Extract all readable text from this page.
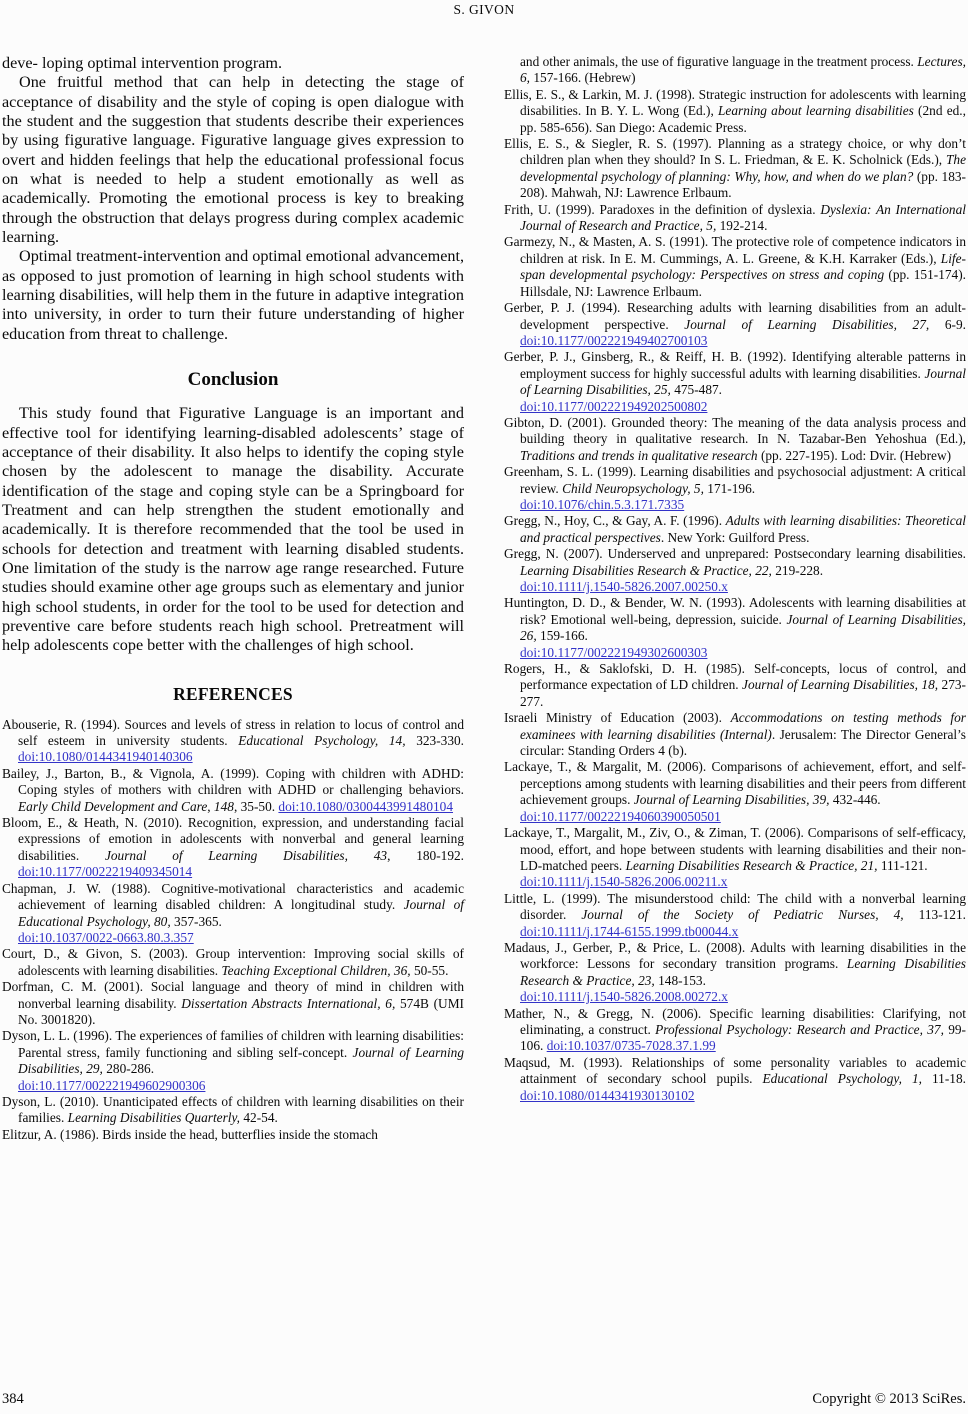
S. GIVON

deve- loping optimal intervention program.

One fruitful method that can help in detecting the stage of acceptance of disability and the style of coping is open dialogue with the student and the suggestion that students describe their experiences by using figurative language. Figurative language gives expression to overt and hidden feelings that help the educational professional focus on what is needed to help a student emotionally as well as academically. Promoting the emotional process is key to breaking through the obstruction that delays progress during complex academic learning.

Optimal treatment-intervention and optimal emotional advancement, as opposed to just promotion of learning in high school students with learning disabilities, will help them in the future in adaptive integration into university, in order to turn their future understanding of higher education from threat to challenge.

Conclusion

This study found that Figurative Language is an important and effective tool for identifying learning-disabled adolescents’ stage of acceptance of their disability. It also helps to identify the coping style chosen by the adolescent to manage the disability. Accurate identification of the stage and coping style can be a Springboard for Treatment and can help strengthen the student emotionally and academically. It is therefore recommended that the tool be used in schools for detection and treatment with learning disabled students. One limitation of the study is the narrow age range researched. Future studies should examine other age groups such as elementary and junior high school students, in order for the tool to be used for detection and preventive care before students reach high school. Pretreatment will help adolescents cope better with the challenges of high school.

REFERENCES

Abouserie, R. (1994). Sources and levels of stress in relation to locus of control and self esteem in university students. Educational Psychology, 14, 323-330. doi:10.1080/0144341940140306

Bailey, J., Barton, B., & Vignola, A. (1999). Coping with children with ADHD: Coping styles of mothers with children with ADHD or challenging behaviors. Early Child Development and Care, 148, 35-50. doi:10.1080/0300443991480104

Bloom, E., & Heath, N. (2010). Recognition, expression, and understanding facial expressions of emotion in adolescents with nonverbal and general learning disabilities. Journal of Learning Disabilities, 43, 180-192. doi:10.1177/0022219409345014

Chapman, J. W. (1988). Cognitive-motivational characteristics and academic achievement of learning disabled children: A longitudinal study. Journal of Educational Psychology, 80, 357-365.
doi:10.1037/0022-0663.80.3.357

Court, D., & Givon, S. (2003). Group intervention: Improving social skills of adolescents with learning disabilities. Teaching Exceptional Children, 36, 50-55.

Dorfman, C. M. (2001). Social language and theory of mind in children with nonverbal learning disability. Dissertation Abstracts International, 6, 574B (UMI No. 3001820).

Dyson, L. L. (1996). The experiences of families of children with learning disabilities: Parental stress, family functioning and sibling self-concept. Journal of Learning Disabilities, 29, 280-286.
doi:10.1177/002221949602900306

Dyson, L. (2010). Unanticipated effects of children with learning disabilities on their families. Learning Disabilities Quarterly, 42-54.

Elitzur, A. (1986). Birds inside the head, butterflies inside the stomach

and other animals, the use of figurative language in the treatment process. Lectures, 6, 157-166. (Hebrew)

Ellis, E. S., & Larkin, M. J. (1998). Strategic instruction for adolescents with learning disabilities. In B. Y. L. Wong (Ed.), Learning about learning disabilities (2nd ed., pp. 585-656). San Diego: Academic Press.

Ellis, E. S., & Siegler, R. S. (1997). Planning as a strategy choice, or why don’t children plan when they should? In S. L. Friedman, & E. K. Scholnick (Eds.), The developmental psychology of planning: Why, how, and when do we plan? (pp. 183-208). Mahwah, NJ: Lawrence Erlbaum.

Frith, U. (1999). Paradoxes in the definition of dyslexia. Dyslexia: An International Journal of Research and Practice, 5, 192-214.

Garmezy, N., & Masten, A. S. (1991). The protective role of competence indicators in children at risk. In E. M. Cummings, A. L. Greene, & K.H. Karraker (Eds.), Life-span developmental psychology: Perspectives on stress and coping (pp. 151-174). Hillsdale, NJ: Lawrence Erlbaum.

Gerber, P. J. (1994). Researching adults with learning disabilities from an adult-development perspective. Journal of Learning Disabilities, 27, 6-9. doi:10.1177/002221949402700103

Gerber, P. J., Ginsberg, R., & Reiff, H. B. (1992). Identifying alterable patterns in employment success for highly successful adults with learning disabilities. Journal of Learning Disabilities, 25, 475-487.
doi:10.1177/002221949202500802

Gibton, D. (2001). Grounded theory: The meaning of the data analysis process and building theory in qualitative research. In N. Tazabar-Ben Yehoshua (Ed.), Traditions and trends in qualitative research (pp. 227-195). Lod: Dvir. (Hebrew)

Greenham, S. L. (1999). Learning disabilities and psychosocial adjustment: A critical review. Child Neuropsychology, 5, 171-196.
doi:10.1076/chin.5.3.171.7335

Gregg, N., Hoy, C., & Gay, A. F. (1996). Adults with learning disabilities: Theoretical and practical perspectives. New York: Guilford Press.

Gregg, N. (2007). Underserved and unprepared: Postsecondary learning disabilities. Learning Disabilities Research & Practice, 22, 219-228.
doi:10.1111/j.1540-5826.2007.00250.x

Huntington, D. D., & Bender, W. N. (1993). Adolescents with learning disabilities at risk? Emotional well-being, depression, suicide. Journal of Learning Disabilities, 26, 159-166.
doi:10.1177/002221949302600303

Rogers, H., & Saklofski, D. H. (1985). Self-concepts, locus of control, and performance expectation of LD children. Journal of Learning Disabilities, 18, 273-277.

Israeli Ministry of Education (2003). Accommodations on testing methods for examinees with learning disabilities (Internal). Jerusalem: The Director General’s circular: Standing Orders 4 (b).

Lackaye, T., & Margalit, M. (2006). Comparisons of achievement, effort, and self-perceptions among students with learning disabilities and their peers from different achievement groups. Journal of Learning Disabilities, 39, 432-446.
doi:10.1177/00222194060390050501

Lackaye, T., Margalit, M., Ziv, O., & Ziman, T. (2006). Comparisons of self-efficacy, mood, effort, and hope between students with learning disabilities and their non-LD-matched peers. Learning Disabilities Research & Practice, 21, 111-121.
doi:10.1111/j.1540-5826.2006.00211.x

Little, L. (1999). The misunderstood child: The child with a nonverbal learning disorder. Journal of the Society of Pediatric Nurses, 4, 113-121. doi:10.1111/j.1744-6155.1999.tb00044.x

Madaus, J., Gerber, P., & Price, L. (2008). Adults with learning disabilities in the workforce: Lessons for secondary transition programs. Learning Disabilities Research & Practice, 23, 148-153.
doi:10.1111/j.1540-5826.2008.00272.x

Mather, N., & Gregg, N. (2006). Specific learning disabilities: Clarifying, not eliminating, a construct. Professional Psychology: Research and Practice, 37, 99-106. doi:10.1037/0735-7028.37.1.99

Maqsud, M. (1993). Relationships of some personality variables to academic attainment of secondary school pupils. Educational Psychology, 1, 11-18. doi:10.1080/0144341930130102

384	Copyright © 2013 SciRes.
